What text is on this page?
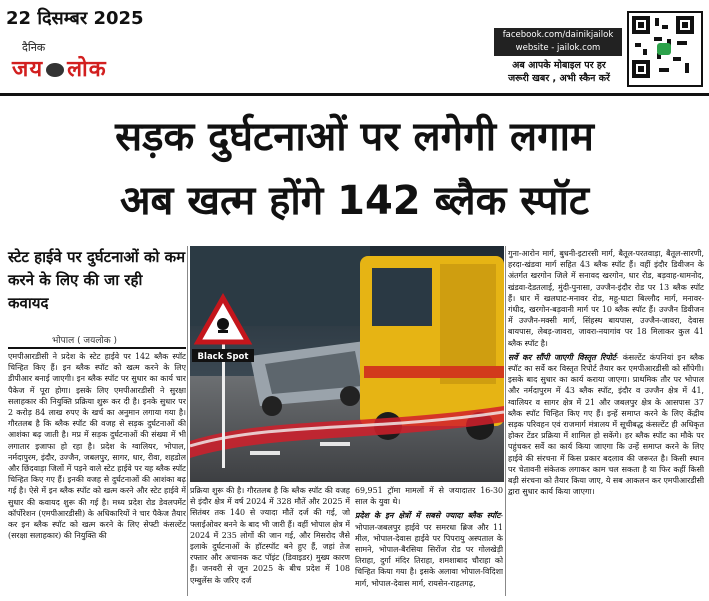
22 दिसम्बर 2025
दैनिक
जय लोक
facebook.com/dainikjailok
website - jailok.com
अब आपके मोबाइल पर हर
जरूरी खबर , अभी स्कैन करें
सड़क दुर्घटनाओं पर लगेगी लगाम
अब खत्म होंगे 142 ब्लैक स्पॉट
स्टेट हाईवे पर दुर्घटनाओं को कम करने के लिए की जा रही कवायद
भोपाल ( जयलोक )

एमपीआरडीसी ने प्रदेश के स्टेट हाईवे पर 142 ब्लैक स्पॉट चिन्हित किए हैं। इन ब्लैक स्पॉट को खत्म करने के लिए डीपीआर बनाई जाएगी। इन ब्लैक स्पॉट पर सुधार का कार्य चार पैकेज में पूरा होगा। इसके लिए एमपीआरडीसी ने सुरक्षा सलाहकार की नियुक्ति प्रक्रिया शुरू कर दी है। इनके सुधार पर 2 करोड़ 84 लाख रुपए के खर्च का अनुमान लगाया गया है। गौरतलब है कि ब्लैक स्पॉट की वजह से सड़क दुर्घटनाओं की आशंका बढ़ जाती है। मप्र में सड़क दुर्घटनाओं की संख्या में भी लगातार इजाफा हो रहा है। प्रदेश के ग्वालियर, भोपाल, नर्मदापुरम, इंदौर, उज्जैन, जबलपुर, सागर, धार, रीवा, शहडोल और छिंदवाड़ा जिलों में पड़ने वाले स्टेट हाईवे पर यह ब्लैक स्पॉट चिन्हित किए गए हैं। इनकी वजह से दुर्घटनाओं की आशंका बढ़ गई है। ऐसे में इन ब्लैक स्पॉट को खत्म करने और स्टेट हाईवे में सुधार की कवायद शुरू की गई है। मध्य प्रदेश रोड डेवलपमेंट कॉर्पोरेशन (एमपीआरडीसी) के अधिकारियों ने चार पैकेज तैयार कर इन ब्लैक स्पॉट को खत्म करने के लिए सेफ्टी कंसल्टेंट (सरक्षा सलाहकार) की नियुक्ति की

Black Spot

प्रक्रिया शुरू की है। गौरतलब है कि ब्लैक स्पॉट की वजह से इंदौर क्षेत्र में वर्ष 2024 में 328 मौतें और 2025 में सितंबर तक 140 से ज्यादा मौतें दर्ज की गई, जो फ्लाईओवर बनने के बाद भी जारी हैं। वहीं भोपाल क्षेत्र में 2024 में 235 लोगों की जान गई, और मिसरोद जैसे इलाके दुर्घटनाओं के हॉटस्पॉट बने हुए हैं, जहां तेज रफ्तार और अचानक कट पॉइंट (डिवाइडर) मुख्य कारण हैं। जनवरी से जून 2025 के बीच प्रदेश में 108 एम्बुलेंस के जरिए दर्ज

69,951 ट्रॉमा मामलों में से जयादातर 16-30 साल के युवा थे।

प्रदेश के इन क्षेत्रों में सबसे ज्यादा ब्लैक स्पॉट- भोपाल-जबलपुर हाईवे पर समरधा ब्रिज और 11 मील, भोपाल-देवास हाईवे पर पिपरायु अस्पताल के सामने, भोपाल-बैरसिया सिरोंज रोड पर गोलखेड़ी तिराहा, दुर्गा मंदिर तिराहा, शमशाबाद चौराहा को चिन्हित किया गया है। इसके अलावा भोपाल-विदिशा मार्ग, भोपाल-देवास मार्ग, रायसेन-राहतगढ़,

गुना-आरोन मार्ग, बुधनी-इटारसी मार्ग, बैतूल-परतवाड़ा, बैतूल-सारणी, हरदा-खंडवा मार्ग सहित 43 ब्लैक स्पॉट हैं। वहीं इंदौर डिवीजन के अंतर्गत खरगोन जिले में सनावद खरगोन, धार रोड, बड़वाह-धामनोद, खंडवा-देडतलाई, मुंदी-पुनासा, उज्जैन-इंदौर रोड पर 13 ब्लैक स्पॉट हैं। धार में खलघाट-मनावर रोड, महू-घाटा बिल्लौद मार्ग, मनावर-गंधीद, खरगोन-बड़वानी मार्ग पर 10 ब्लैक स्पॉट हैं। उज्जैन डिवीजन में उज्जैन-मक्सी मार्ग, सिंहस्थ बायपास, उज्जैन-जावरा, देवास बायपास, लेबड़-जावरा, जावरा-नयागांव पर 18 मिलाकर कुल 41 ब्लैक स्पॉट है।

सर्वे कर सौंपी जाएगी विस्तृत रिपोर्ट- कंसल्टेंट कंपनियां इन ब्लैक स्पॉट का सर्वे कर विस्तृत रिपोर्ट तैयार कर एमपीआरडीसी को सौंपेगी। इसके बाद सुधार का कार्य कराया जाएगा। प्राथमिक तौर पर भोपाल और नर्मदापुरम में 43 ब्लैक स्पॉट, इंदौर व उज्जैन क्षेत्र में 41, ग्वालियर व सागर क्षेत्र में 21 और जबलपुर क्षेत्र के आसपास 37 ब्लैक स्पॉट चिन्हित किए गए हैं। इन्हें समाप्त करने के लिए केंद्रीय सड़क परिवहन एवं राजमार्ग मंत्रालय में सूचीबद्ध कंसल्टेंट ही अधिकृत होकर टेंडर प्रक्रिया में शामिल हो सकेंगे। हर ब्लैक स्पॉट का मौके पर पहुंचकर सर्वे का कार्य किया जाएगा कि उन्हें समाप्त करने के लिए हाईवे की संरचना में किस प्रकार बदलाव की जरूरत है। किसी स्थान पर चेतावनी संकेतक लगाकर काम चल सकता है या फिर कहीं किसी बड़ी संरचना को तैयार किया जाए, ये सब आकलन कर एमपीआरडीसी द्वारा सुधार कार्य किया जाएगा।
